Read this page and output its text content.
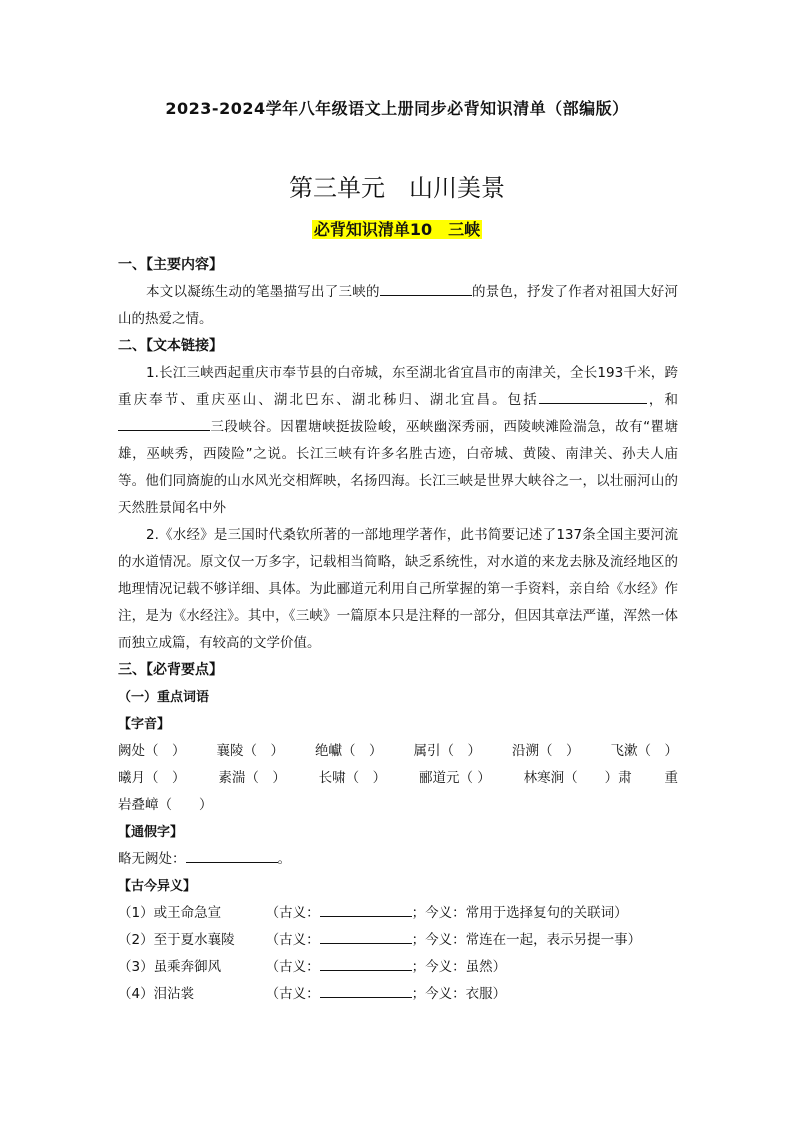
2023-2024学年八年级语文上册同步必背知识清单（部编版）
第三单元　山川美景
必背知识清单10　三峡
一、【主要内容】
本文以凝练生动的笔墨描写出了三峡的	的景色，抒发了作者对祖国大好河山的热爱之情。
二、【文本链接】
1.长江三峡西起重庆市奉节县的白帝城，东至湖北省宜昌市的南津关，全长193千米，跨重庆奉节、重庆巫山、湖北巴东、湖北秭归、湖北宜昌。包括	，和三段峡谷。因瞿塘峡挺拔险峻，巫峡幽深秀丽，西陵峡滩险湍急，故有“瞿塘雄，巫峡秀，西陵险”之说。长江三峡有许多名胜古迹，白帝城、黄陵、南津关、孙夫人庙等。他们同旖旎的山水风光交相辉映，名扬四海。长江三峡是世界大峡谷之一，以壮丽河山的天然胜景闻名中外
2.《水经》是三国时代桑钦所著的一部地理学著作，此书简要记述了137条全国主要河流的水道情况。原文仅一万多字，记载相当简略，缺乏系统性，对水道的来龙去脉及流经地区的地理情况记载不够详细、具体。为此郦道元利用自己所掌握的第一手资料，亲自给《水经》作注，是为《水经注》。其中，《三峡》一篇原本只是注释的一部分，但因其章法严谨，浑然一体而独立成篇，有较高的文学价值。
三、【必背要点】
（一）重点词语
【字音】
阙处（　） 襄陵（　） 绝巘（　） 属引（　） 沿溯（　） 飞漱（　）
曦月（　） 素湍（　） 长啸（　） 郦道元（ ） 林寒涧（　　）肃 重
岩叠嶂（　　）
【通假字】
略无阙处：	。
【古今异义】
（1）或王命急宣	（古义：	；今义：常用于选择复句的关联词）
（2）至于夏水襄陵 （古义：	；今义：常连在一起，表示另提一事）
（3）虽乘奔御风	（古义：	；今义：虽然）
（4）泪沾裳	（古义：	；今义：衣服）
